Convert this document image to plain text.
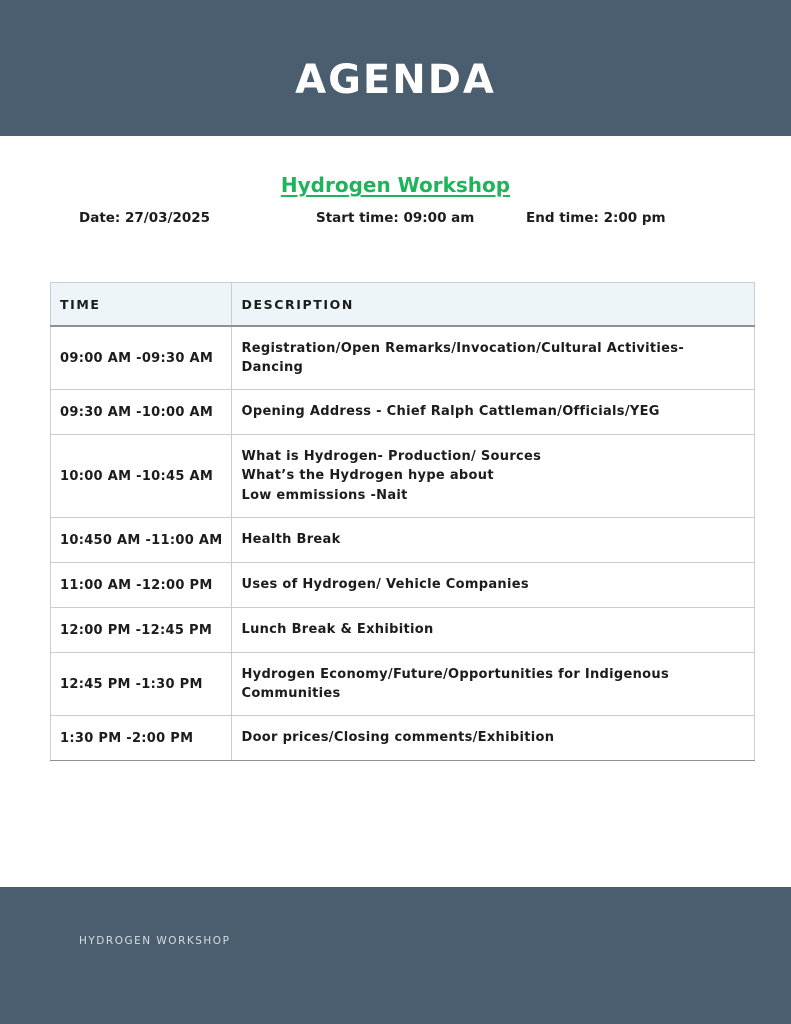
AGENDA
Hydrogen Workshop
Date: 27/03/2025	Start time: 09:00 am	End time: 2:00 pm
TIME	DESCRIPTION
09:00 AM -09:30 AM	Registration/Open Remarks/Invocation/Cultural Activities-
Dancing

09:30 AM -10:00 AM	Opening Address - Chief Ralph Cattleman/Officials/YEG

10:00 AM -10:45 AM	What is Hydrogen- Production/ Sources
What’s the Hydrogen hype about
Low emmissions -Nait

10:450 AM -11:00 AM	Health Break

11:00 AM -12:00 PM	Uses of Hydrogen/ Vehicle Companies

12:00 PM -12:45 PM	Lunch Break & Exhibition

12:45 PM -1:30 PM	Hydrogen Economy/Future/Opportunities for Indigenous
Communities

1:30 PM -2:00 PM	Door prices/Closing comments/Exhibition
HYDROGEN WORKSHOP
